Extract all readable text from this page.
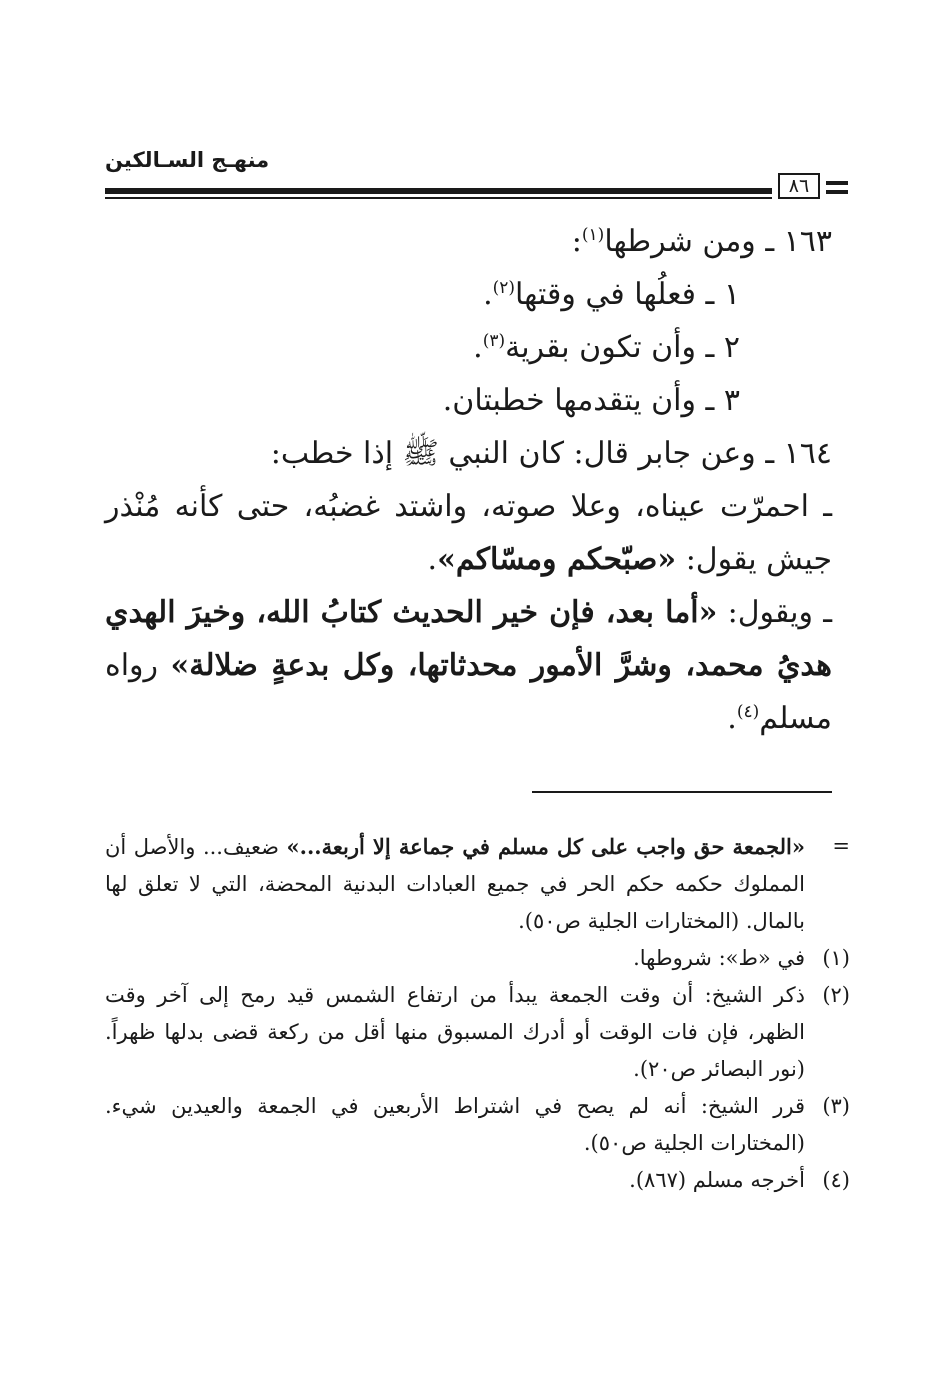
منهـج السـالكين
٨٦

١٦٣ ـ ومن شرطها$^{(١)}$:

١ ـ فعلُها في وقتها$^{(٢)}$.

٢ ـ وأن تكون بقرية$^{(٣)}$.

٣ ـ وأن يتقدمها خطبتان.

١٦٤ ـ وعن جابر قال: كان النبي ﷺ إذا خطب:

ـ احمرّت عيناه، وعلا صوته، واشتد غضبُه، حتى كأنه مُنْذر جيش يقول: «صبّحكم ومسّاكم».

ـ ويقول: «أما بعد، فإن خير الحديث كتابُ الله، وخيرَ الهدي هديُ محمد، وشرَّ الأمور محدثاتها، وكل بدعةٍ ضلالة» رواه مسلم$^{(٤)}$.

=
«الجمعة حق واجب على كل مسلم في جماعة إلا أربعة...» ضعيف... والأصل أن المملوك حكمه حكم الحر في جميع العبادات البدنية المحضة، التي لا تعلق لها بالمال. (المختارات الجلية ص٥٠).
(١)
في «ط»: شروطها.
(٢)
ذكر الشيخ: أن وقت الجمعة يبدأ من ارتفاع الشمس قيد رمح إلى آخر وقت الظهر، فإن فات الوقت أو أدرك المسبوق منها أقل من ركعة قضى بدلها ظهراً. (نور البصائر ص٢٠).
(٣)
قرر الشيخ: أنه لم يصح في اشتراط الأربعين في الجمعة والعيدين شيء. (المختارات الجلية ص٥٠).
(٤)
أخرجه مسلم (٨٦٧).
